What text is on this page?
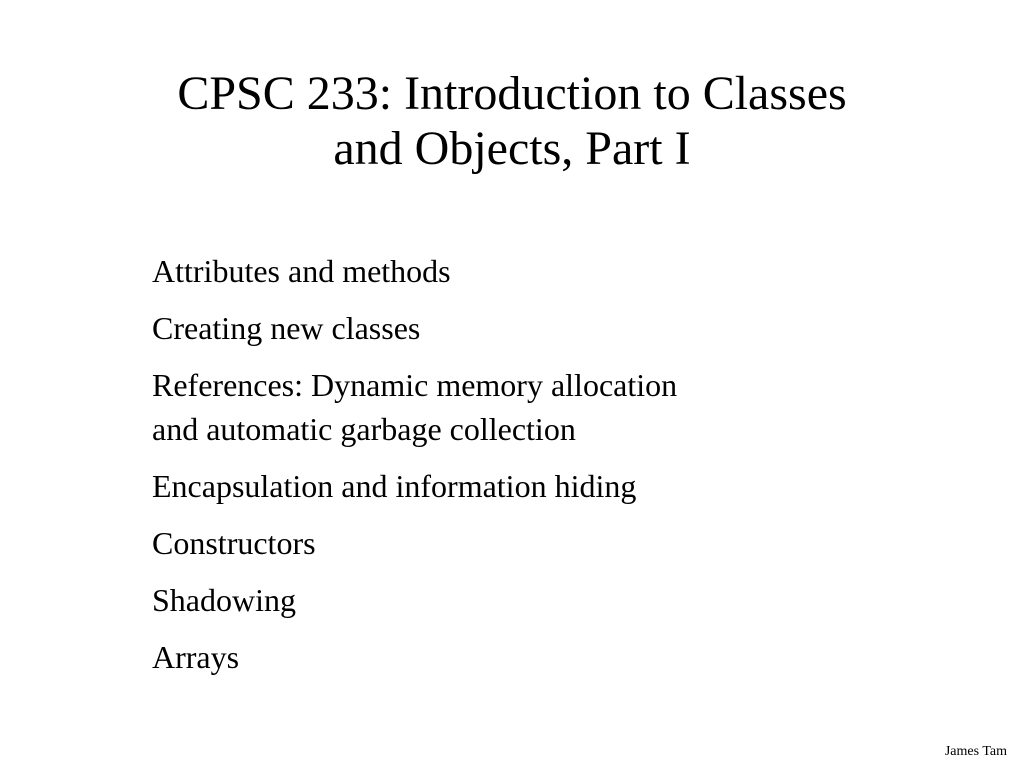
CPSC 233: Introduction to Classes
and Objects, Part I
Attributes and methods
Creating new classes
References: Dynamic memory allocation
and automatic garbage collection
Encapsulation and information hiding
Constructors
Shadowing
Arrays
James Tam
